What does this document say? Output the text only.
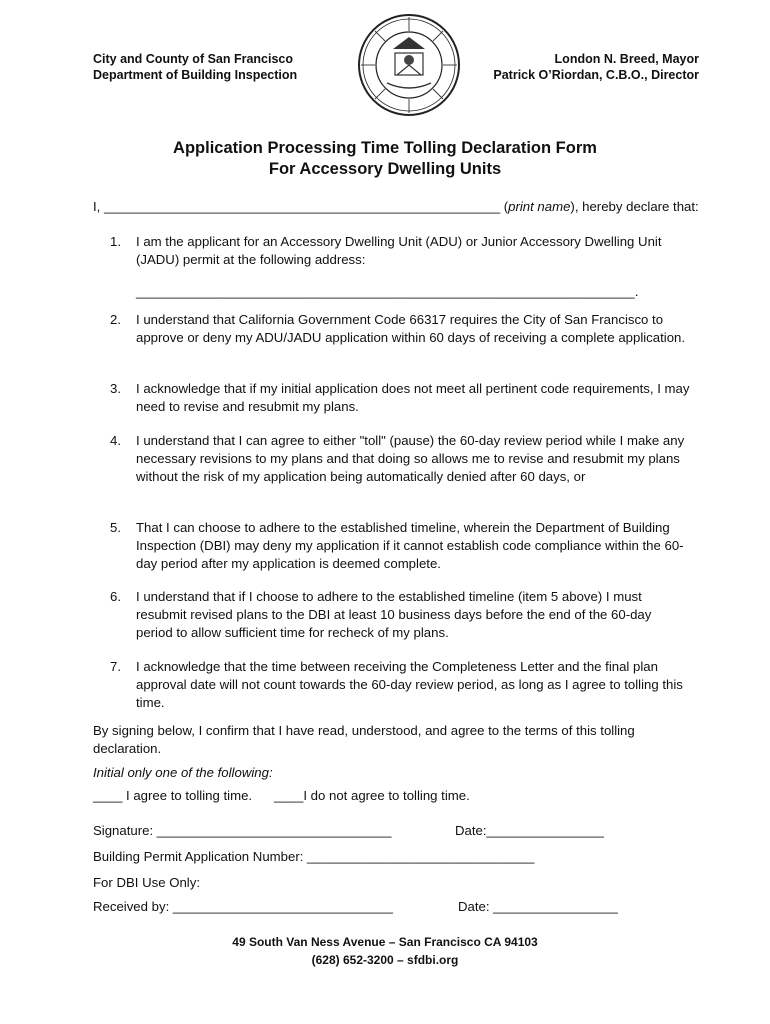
City and County of San Francisco
Department of Building Inspection
London N. Breed, Mayor
Patrick O’Riordan, C.B.O., Director
Application Processing Time Tolling Declaration Form
For Accessory Dwelling Units
I, ______________________________________________________ (print name), hereby declare that:
1. I am the applicant for an Accessory Dwelling Unit (ADU) or Junior Accessory Dwelling Unit (JADU) permit at the following address:
____________________________________________________________________.
2. I understand that California Government Code 66317 requires the City of San Francisco to approve or deny my ADU/JADU application within 60 days of receiving a complete application.
3. I acknowledge that if my initial application does not meet all pertinent code requirements, I may need to revise and resubmit my plans.
4. I understand that I can agree to either "toll" (pause) the 60-day review period while I make any necessary revisions to my plans and that doing so allows me to revise and resubmit my plans without the risk of my application being automatically denied after 60 days, or
5. That I can choose to adhere to the established timeline, wherein the Department of Building Inspection (DBI) may deny my application if it cannot establish code compliance within the 60-day period after my application is deemed complete.
6. I understand that if I choose to adhere to the established timeline (item 5 above) I must resubmit revised plans to the DBI at least 10 business days before the end of the 60-day period to allow sufficient time for recheck of my plans.
7. I acknowledge that the time between receiving the Completeness Letter and the final plan approval date will not count towards the 60-day review period, as long as I agree to tolling this time.
By signing below, I confirm that I have read, understood, and agree to the terms of this tolling declaration.
Initial only one of the following:
____ I agree to tolling time. ____I do not agree to tolling time.
Signature: ________________________________	Date:________________
Building Permit Application Number: _______________________________
For DBI Use Only:
Received by: ______________________________	Date: _________________
49 South Van Ness Avenue – San Francisco CA 94103
(628) 652-3200 – sfdbi.org
